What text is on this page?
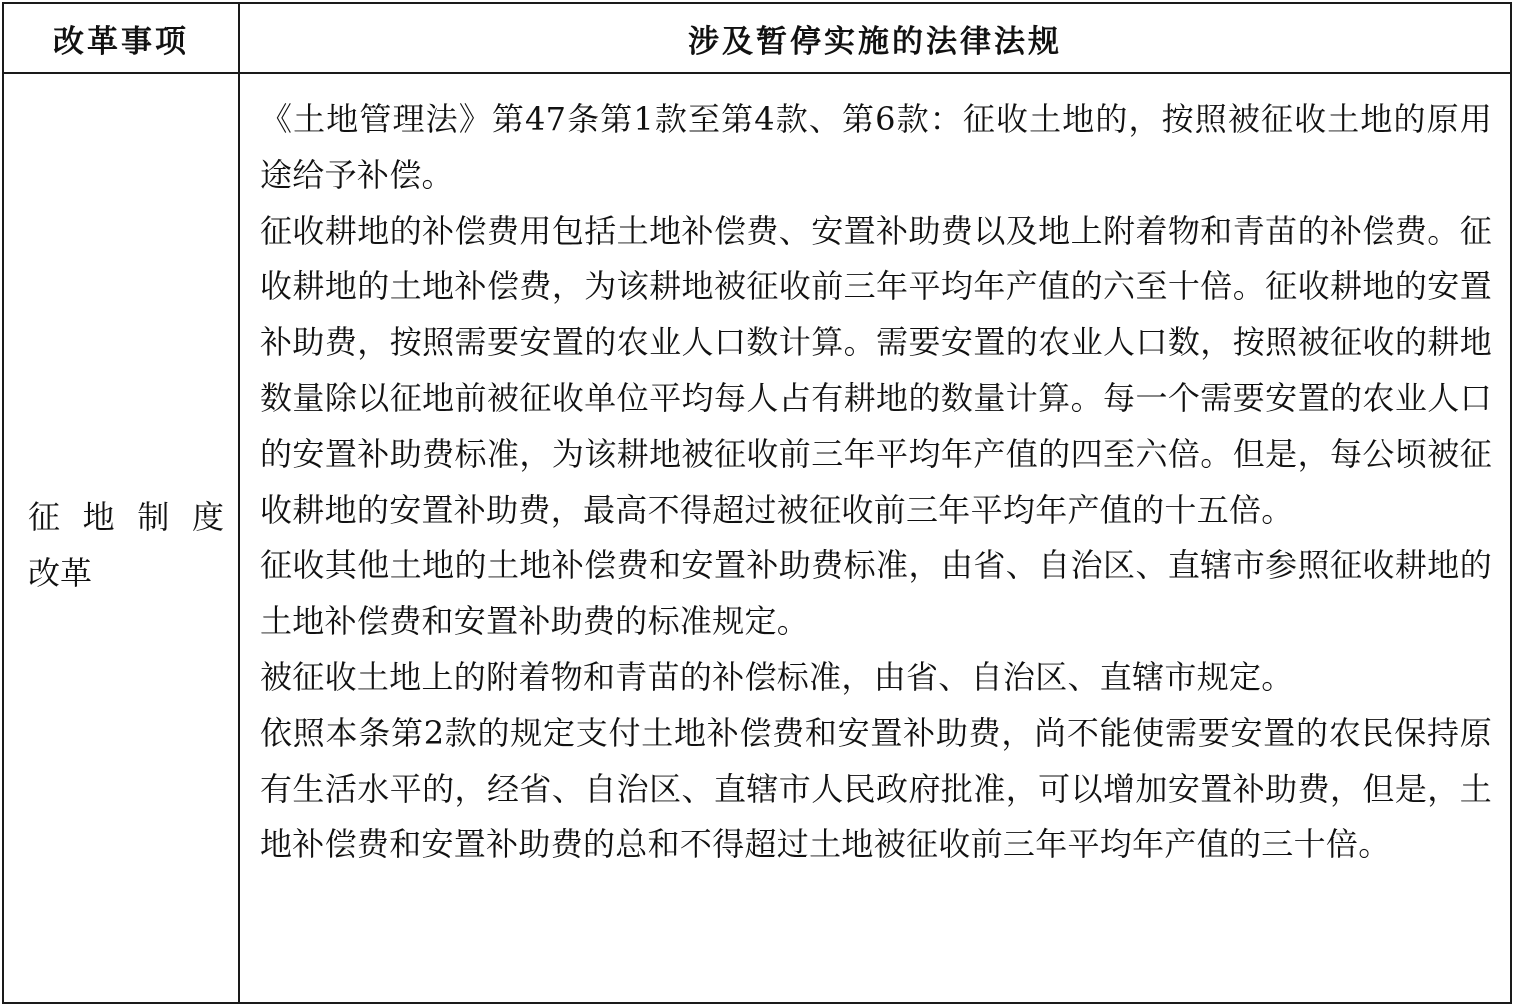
改革事项	涉及暂停实施的法律法规
征 地 制 度
改革

《土地管理法》第47条第1款至第4款、第6款：征收土地的，按照被征收土地的原用途给予补偿。

征收耕地的补偿费用包括土地补偿费、安置补助费以及地上附着物和青苗的补偿费。征收耕地的土地补偿费，为该耕地被征收前三年平均年产值的六至十倍。征收耕地的安置补助费，按照需要安置的农业人口数计算。需要安置的农业人口数，按照被征收的耕地数量除以征地前被征收单位平均每人占有耕地的数量计算。每一个需要安置的农业人口的安置补助费标准，为该耕地被征收前三年平均年产值的四至六倍。但是，每公顷被征收耕地的安置补助费，最高不得超过被征收前三年平均年产值的十五倍。

征收其他土地的土地补偿费和安置补助费标准，由省、自治区、直辖市参照征收耕地的土地补偿费和安置补助费的标准规定。

被征收土地上的附着物和青苗的补偿标准，由省、自治区、直辖市规定。

依照本条第2款的规定支付土地补偿费和安置补助费，尚不能使需要安置的农民保持原有生活水平的，经省、自治区、直辖市人民政府批准，可以增加安置补助费，但是，土地补偿费和安置补助费的总和不得超过土地被征收前三年平均年产值的三十倍。
